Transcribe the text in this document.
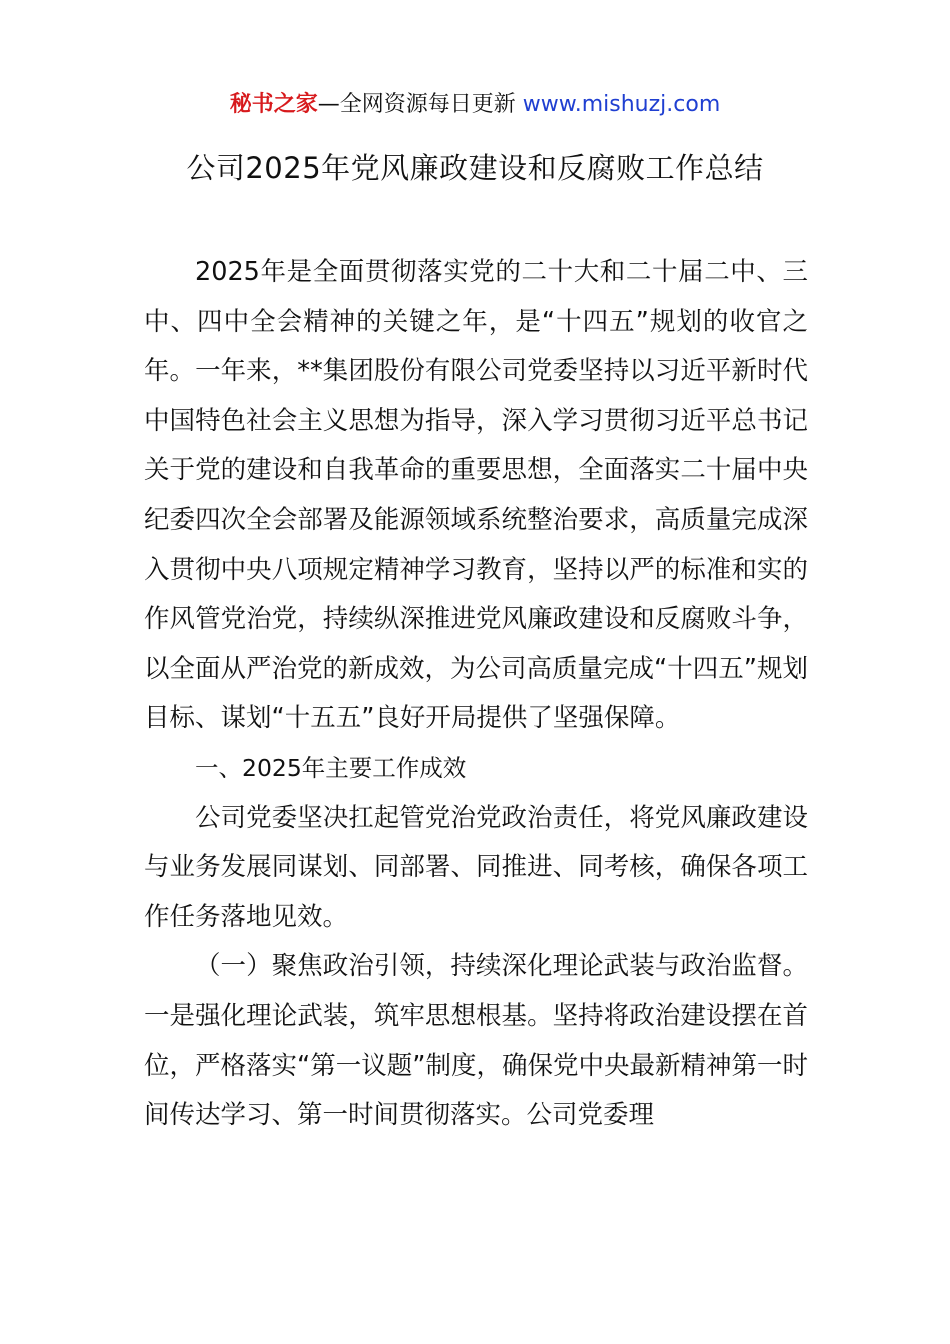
秘书之家—全网资源每日更新 www.mishuzj.com
公司2025年党风廉政建设和反腐败工作总结

2025年是全面贯彻落实党的二十大和二十届二中、三中、四中全会精神的关键之年，是“十四五”规划的收官之年。一年来，**集团股份有限公司党委坚持以习近平新时代中国特色社会主义思想为指导，深入学习贯彻习近平总书记关于党的建设和自我革命的重要思想，全面落实二十届中央纪委四次全会部署及能源领域系统整治要求，高质量完成深入贯彻中央八项规定精神学习教育，坚持以严的标准和实的作风管党治党，持续纵深推进党风廉政建设和反腐败斗争，以全面从严治党的新成效，为公司高质量完成“十四五”规划目标、谋划“十五五”良好开局提供了坚强保障。

一、2025年主要工作成效

公司党委坚决扛起管党治党政治责任，将党风廉政建设与业务发展同谋划、同部署、同推进、同考核，确保各项工作任务落地见效。

（一）聚焦政治引领，持续深化理论武装与政治监督。一是强化理论武装，筑牢思想根基。坚持将政治建设摆在首位，严格落实“第一议题”制度，确保党中央最新精神第一时间传达学习、第一时间贯彻落实。公司党委理
